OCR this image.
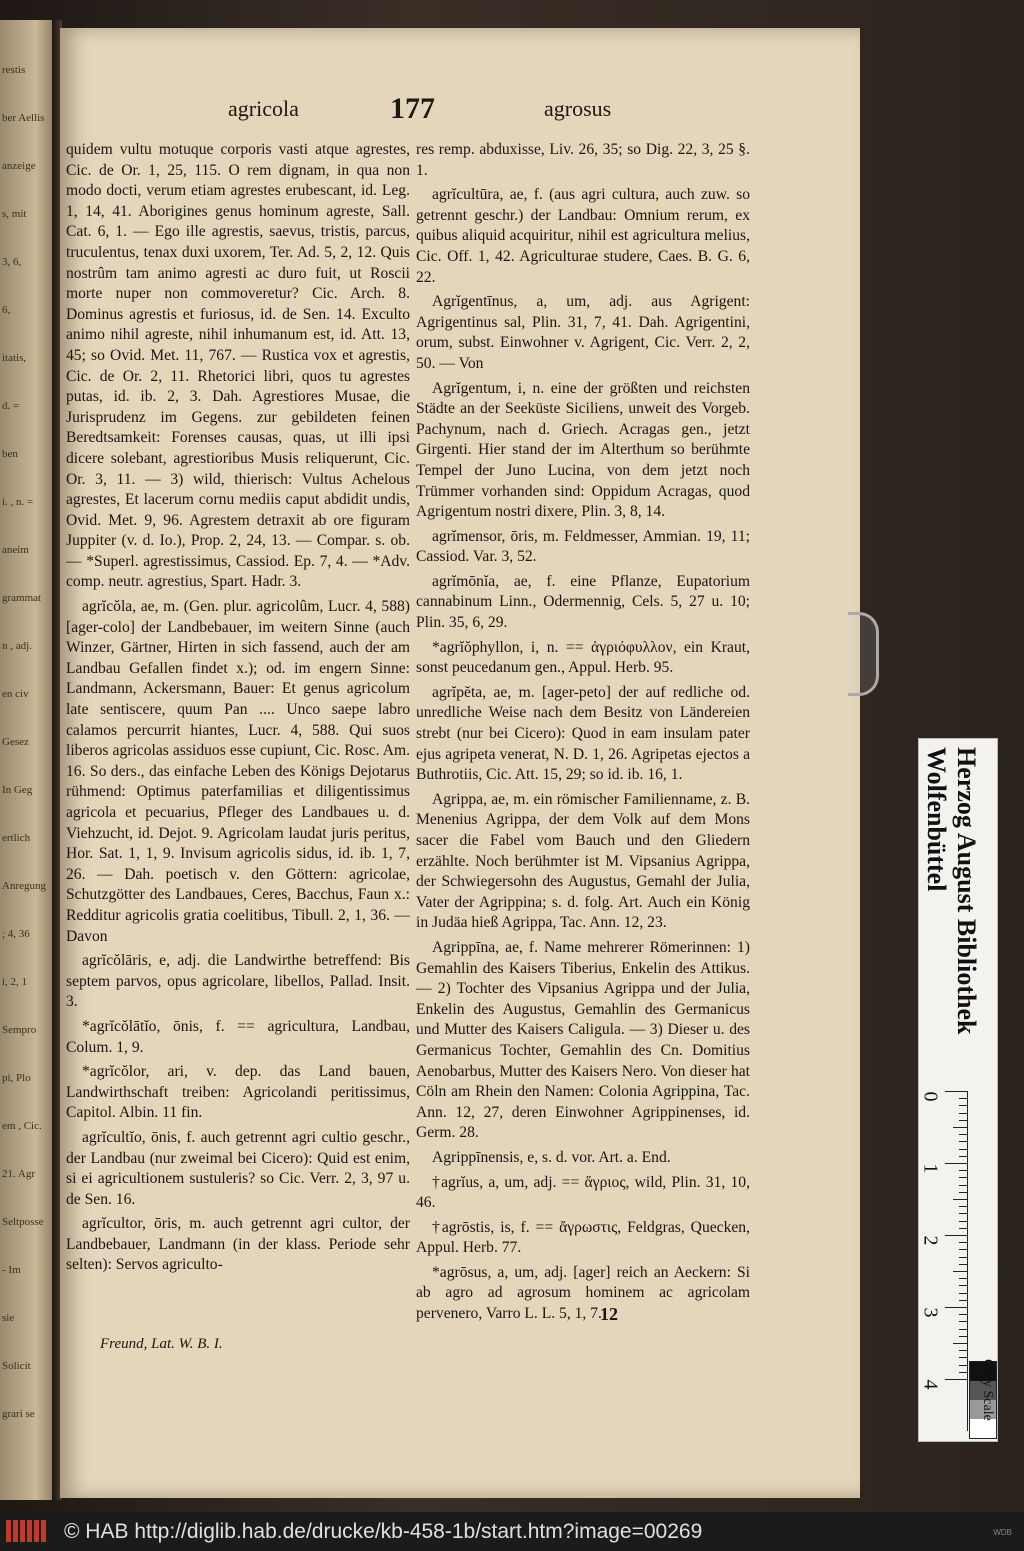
restis
ber Aellis
anzeige
s, mit
3, 6,
6,
itatis,
d. =
ben
i. , n. =
aneim
grammat
n , adj.
en civ
Gesez
In Geg
ertlich
Anregung
; 4, 36
i, 2, 1
Sempro
pi, Plo
em , Cic.
21. Agr
Seltposse
- Im
sie
Solicit
grari se
agricola	177	agrosus

quidem vultu motuque corporis vasti atque agrestes, Cic. de Or. 1, 25, 115. O rem dignam, in qua non modo docti, verum etiam agrestes erubescant, id. Leg. 1, 14, 41. Aborigines genus hominum agreste, Sall. Cat. 6, 1. — Ego ille agrestis, saevus, tristis, parcus, truculentus, tenax duxi uxorem, Ter. Ad. 5, 2, 12. Quis nostrûm tam animo agresti ac duro fuit, ut Roscii morte nuper non commoveretur? Cic. Arch. 8. Dominus agrestis et furiosus, id. de Sen. 14. Exculto animo nihil agreste, nihil inhumanum est, id. Att. 13, 45; so Ovid. Met. 11, 767. — Rustica vox et agrestis, Cic. de Or. 2, 11. Rhetorici libri, quos tu agrestes putas, id. ib. 2, 3. Dah. Agrestiores Musae, die Jurisprudenz im Gegens. zur gebildeten feinen Beredtsamkeit: Forenses causas, quas, ut illi ipsi dicere solebant, agrestioribus Musis reliquerunt, Cic. Or. 3, 11. — 3) wild, thierisch: Vultus Achelous agrestes, Et lacerum cornu mediis caput abdidit undis, Ovid. Met. 9, 96. Agrestem detraxit ab ore figuram Juppiter (v. d. Io.), Prop. 2, 24, 13. — Compar. s. ob. — *Superl. agrestissimus, Cassiod. Ep. 7, 4. — *Adv. comp. neutr. agrestius, Spart. Hadr. 3.

agrĭcŏla, ae, m. (Gen. plur. agricolûm, Lucr. 4, 588) [ager-colo] der Landbebauer, im weitern Sinne (auch Winzer, Gärtner, Hirten in sich fassend, auch der am Landbau Gefallen findet x.); od. im engern Sinne: Landmann, Ackersmann, Bauer: Et genus agricolum late sentiscere, quum Pan .... Unco saepe labro calamos percurrit hiantes, Lucr. 4, 588. Qui suos liberos agricolas assiduos esse cupiunt, Cic. Rosc. Am. 16. So ders., das einfache Leben des Königs Dejotarus rühmend: Optimus paterfamilias et diligentissimus agricola et pecuarius, Pfleger des Landbaues u. d. Viehzucht, id. Dejot. 9. Agricolam laudat juris peritus, Hor. Sat. 1, 1, 9. Invisum agricolis sidus, id. ib. 1, 7, 26. — Dah. poetisch v. den Göttern: agricolae, Schutzgötter des Landbaues, Ceres, Bacchus, Faun x.: Redditur agricolis gratia coelitibus, Tibull. 2, 1, 36. — Davon

agrĭcŏlāris, e, adj. die Landwirthe betreffend: Bis septem parvos, opus agricolare, libellos, Pallad. Insit. 3.

*agrĭcŏlātĭo, ōnis, f. == agricultura, Landbau, Colum. 1, 9.

*agrĭcŏlor, ari, v. dep. das Land bauen, Landwirthschaft treiben: Agricolandi peritissimus, Capitol. Albin. 11 fin.

agrĭcultĭo, ōnis, f. auch getrennt agri cultio geschr., der Landbau (nur zweimal bei Cicero): Quid est enim, si ei agricultionem sustuleris? so Cic. Verr. 2, 3, 97 u. de Sen. 16.

agrĭcultor, ōris, m. auch getrennt agri cultor, der Landbebauer, Landmann (in der klass. Periode sehr selten): Servos agriculto-

res remp. abduxisse, Liv. 26, 35; so Dig. 22, 3, 25 §. 1.

agrĭcultūra, ae, f. (aus agri cultura, auch zuw. so getrennt geschr.) der Landbau: Omnium rerum, ex quibus aliquid acquiritur, nihil est agricultura melius, Cic. Off. 1, 42. Agriculturae studere, Caes. B. G. 6, 22.

Agrĭgentīnus, a, um, adj. aus Agrigent: Agrigentinus sal, Plin. 31, 7, 41. Dah. Agrigentini, orum, subst. Einwohner v. Agrigent, Cic. Verr. 2, 2, 50. — Von

Agrĭgentum, i, n. eine der größten und reichsten Städte an der Seeküste Siciliens, unweit des Vorgeb. Pachynum, nach d. Griech. Acragas gen., jetzt Girgenti. Hier stand der im Alterthum so berühmte Tempel der Juno Lucina, von dem jetzt noch Trümmer vorhanden sind: Oppidum Acragas, quod Agrigentum nostri dixere, Plin. 3, 8, 14.

agrĭmensor, ōris, m. Feldmesser, Ammian. 19, 11; Cassiod. Var. 3, 52.

agrĭmōnĭa, ae, f. eine Pflanze, Eupatorium cannabinum Linn., Odermennig, Cels. 5, 27 u. 10; Plin. 35, 6, 29.

*agrĭŏphyllon, i, n. == ἀγριόφυλλον, ein Kraut, sonst peucedanum gen., Appul. Herb. 95.

agrĭpĕta, ae, m. [ager-peto] der auf redliche od. unredliche Weise nach dem Besitz von Ländereien strebt (nur bei Cicero): Quod in eam insulam pater ejus agripeta venerat, N. D. 1, 26. Agripetas ejectos a Buthrotiis, Cic. Att. 15, 29; so id. ib. 16, 1.

Agrippa, ae, m. ein römischer Familienname, z. B. Menenius Agrippa, der dem Volk auf dem Mons sacer die Fabel vom Bauch und den Gliedern erzählte. Noch berühmter ist M. Vipsanius Agrippa, der Schwiegersohn des Augustus, Gemahl der Julia, Vater der Agrippina; s. d. folg. Art. Auch ein König in Judäa hieß Agrippa, Tac. Ann. 12, 23.

Agrippīna, ae, f. Name mehrerer Römerinnen: 1) Gemahlin des Kaisers Tiberius, Enkelin des Attikus. — 2) Tochter des Vipsanius Agrippa und der Julia, Enkelin des Augustus, Gemahlin des Germanicus und Mutter des Kaisers Caligula. — 3) Dieser u. des Germanicus Tochter, Gemahlin des Cn. Domitius Aenobarbus, Mutter des Kaisers Nero. Von dieser hat Cöln am Rhein den Namen: Colonia Agrippina, Tac. Ann. 12, 27, deren Einwohner Agrippinenses, id. Germ. 28.

Agrippīnensis, e, s. d. vor. Art. a. End.

†agrĭus, a, um, adj. == ἄγριος, wild, Plin. 31, 10, 46.

†agrōstis, is, f. == ἄγρωστις, Feldgras, Quecken, Appul. Herb. 77.

*agrōsus, a, um, adj. [ager] reich an Aeckern: Si ab agro ad agrosum hominem ac agricolam pervenero, Varro L. L. 5, 1, 7.

Freund, Lat. W. B. I.
12
Herzog August Bibliothek
Wolfenbüttel
0
1
2
3
4	Gray Scale
© HAB http://diglib.hab.de/drucke/kb-458-1b/start.htm?image=00269	WDB
